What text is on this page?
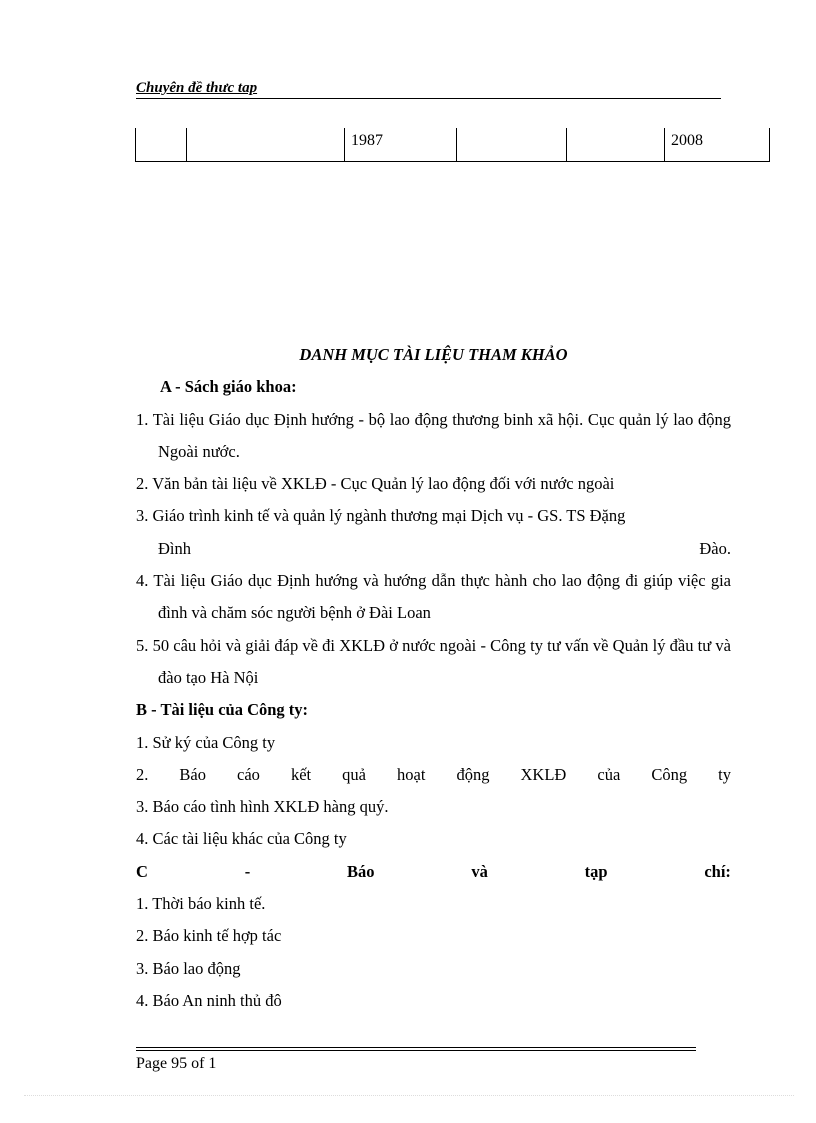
Chuyên đề thưc tap
		1987			2008

DANH MỤC TÀI LIỆU THAM KHẢO

A - Sách giáo khoa:

1. Tài liệu Giáo dục Định hướng - bộ lao động thương binh xã hội. Cục quản lý lao động Ngoài nước.

2. Văn bản tài liệu về XKLĐ - Cục Quản lý lao động đối với nước ngoài

3. Giáo trình kinh tế và quản lý ngành thương mại Dịch vụ - GS. TS Đặng

Đình	Đào.

4. Tài liệu Giáo dục Định hướng và hướng dẫn thực hành cho lao động đi giúp việc gia đình và chăm sóc người bệnh ở Đài Loan

5. 50 câu hỏi và giải đáp về đi XKLĐ ở nước ngoài - Công ty tư vấn về Quản lý đầu tư và đào tạo Hà Nội

B - Tài liệu của Công ty:

1. Sử ký của Công ty

2. Báo cáo kết quả hoạt động XKLĐ của Công ty

3. Báo cáo tình hình XKLĐ hàng quý.

4. Các tài liệu khác của Công ty

C	-	Báo	và	tạp	chí:

1. Thời báo kinh tế.

2. Báo kinh tế hợp tác

3. Báo lao động

4. Báo An ninh thủ đô

Page 95 of 1
